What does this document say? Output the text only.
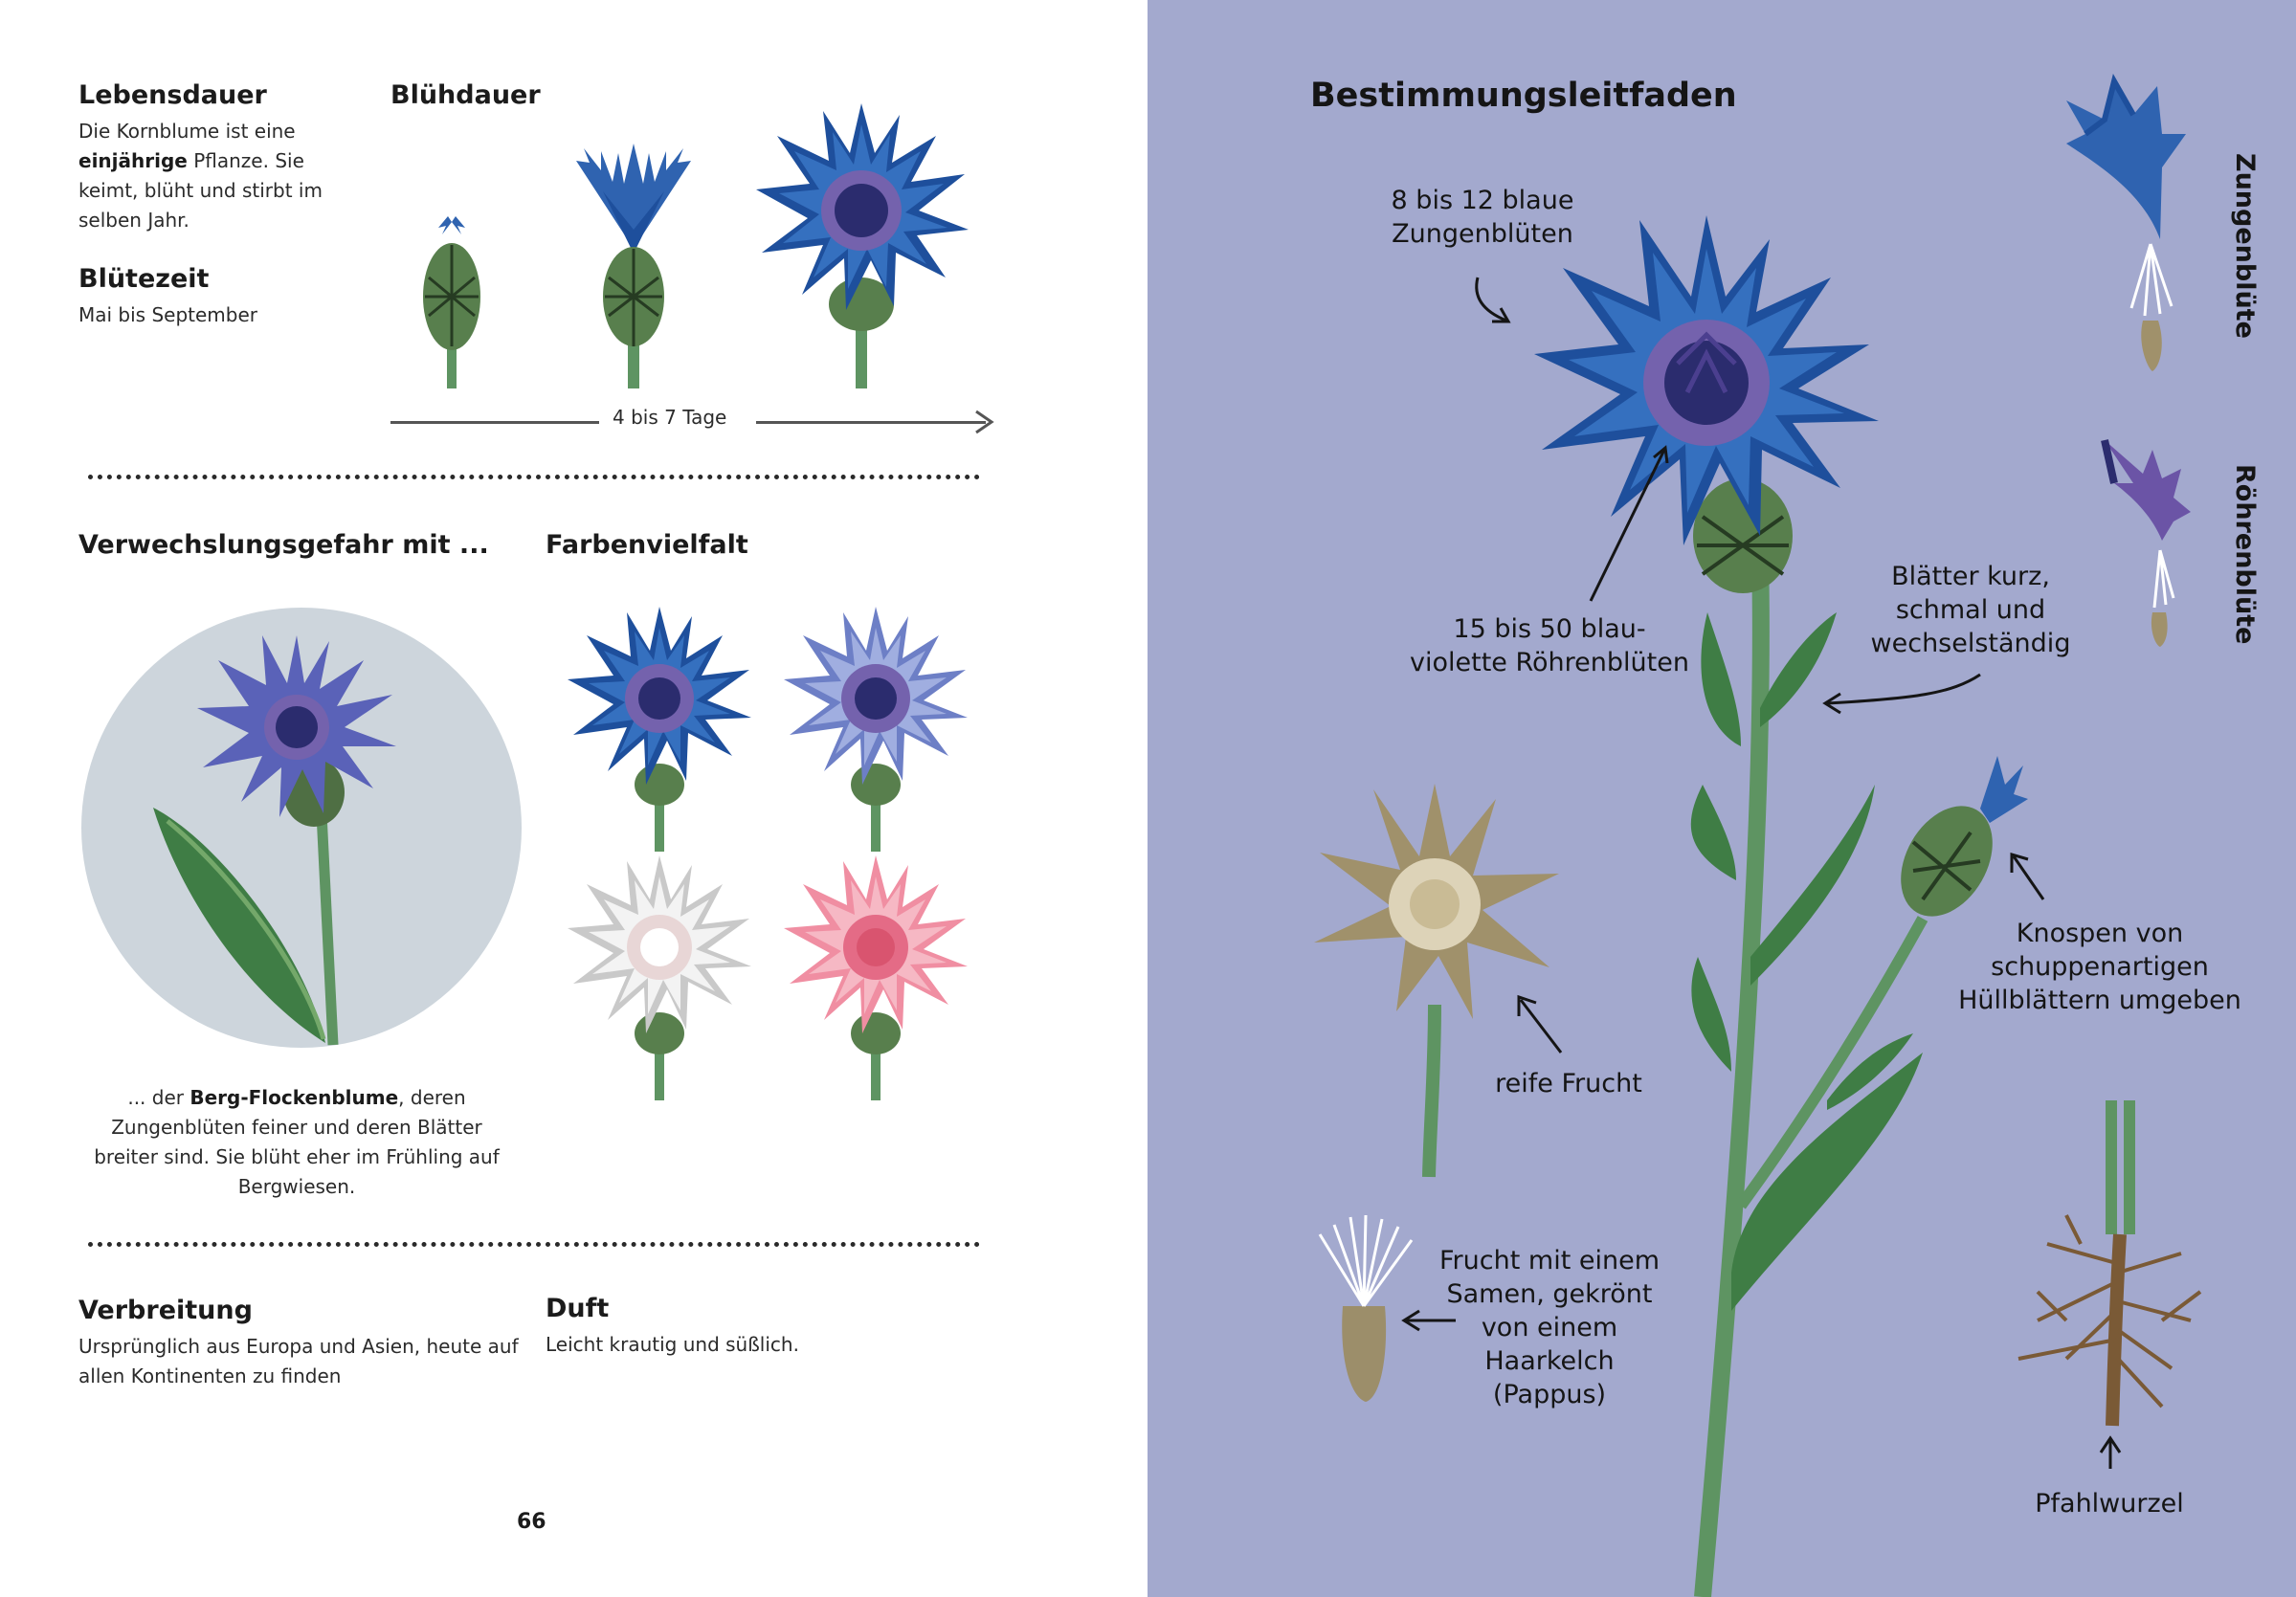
Lebensdauer
Die Kornblume ist eine einjährige Pflanze. Sie keimt, blüht und stirbt im selben Jahr.
Blütezeit
Mai bis September
Blühdauer
4 bis 7 Tage
Verwechslungsgefahr mit ...
... der Berg-Flockenblume, deren Zungenblüten feiner und deren Blätter breiter sind. Sie blüht eher im Frühling auf Bergwiesen.
Farbenvielfalt
Verbreitung
Ursprünglich aus Europa und Asien, heute auf allen Kontinenten zu finden
Duft
Leicht krautig und süßlich.
66
Bestimmungsleitfaden
8 bis 12 blaue Zungenblüten
15 bis 50 blau-violette Röhrenblüten
Blätter kurz, schmal und wechselständig
Knospen von schuppenartigen Hüllblättern umgeben
reife Frucht
Frucht mit einem Samen, gekrönt von einem Haarkelch (Pappus)
Pfahlwurzel
Zungenblüte
Röhrenblüte
